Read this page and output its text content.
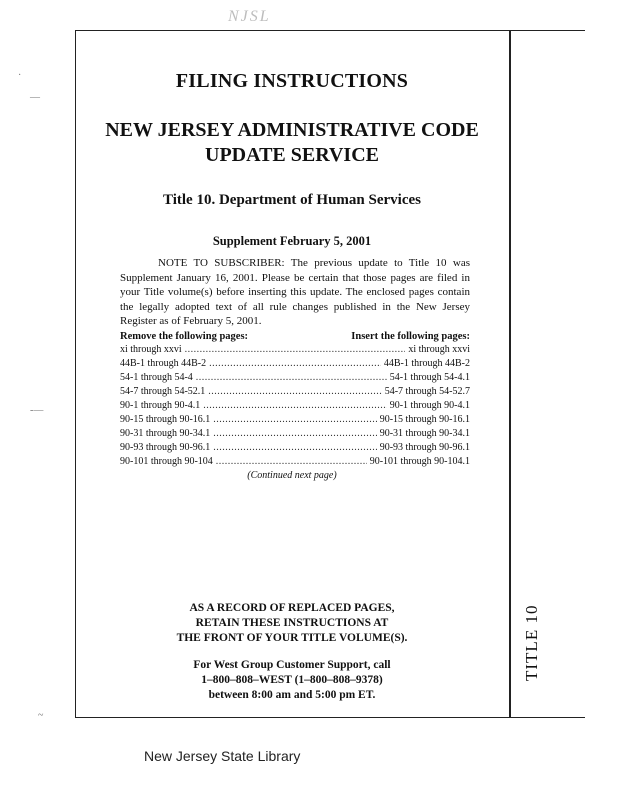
NJSL
·
—
-—
~
TITLE 10
FILING INSTRUCTIONS
NEW JERSEY ADMINISTRATIVE CODE
UPDATE SERVICE
Title 10. Department of Human Services
Supplement February 5, 2001
NOTE TO SUBSCRIBER: The previous update to Title 10 was Supplement January 16, 2001. Please be certain that those pages are filed in your Title volume(s) before inserting this update. The enclosed pages contain the legally adopted text of all rule changes published in the New Jersey Register as of February 5, 2001.
Remove the following pages:	Insert the following pages:
xi through xxvi .....	xi through xxvi
44B-1 through 44B-2 .....	44B-1 through 44B-2
54-1 through 54-4 .....	54-1 through 54-4.1
54-7 through 54-52.1 .....	54-7 through 54-52.7
90-1 through 90-4.1 .....	90-1 through 90-4.1
90-15 through 90-16.1 .....	90-15 through 90-16.1
90-31 through 90-34.1 .....	90-31 through 90-34.1
90-93 through 90-96.1 .....	90-93 through 90-96.1
90-101 through 90-104 .....	90-101 through 90-104.1
(Continued next page)
AS A RECORD OF REPLACED PAGES,
RETAIN THESE INSTRUCTIONS AT
THE FRONT OF YOUR TITLE VOLUME(S).
For West Group Customer Support, call
1–800–808–WEST (1–800–808–9378)
between 8:00 am and 5:00 pm ET.
New Jersey State Library
